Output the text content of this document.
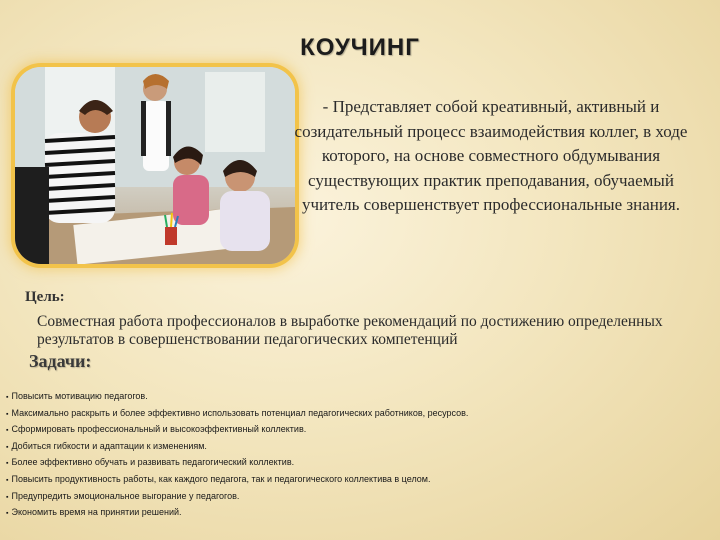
КОУЧИНГ
- Представляет собой креативный, активный и созидательный процесс взаимодействия коллег, в ходе которого, на основе совместного обдумывания существующих практик преподавания, обучаемый учитель совершенствует профессиональные знания.
Цель:
Совместная работа профессионалов в выработке рекомендаций по достижению определенных результатов в совершенствовании педагогических компетенций
Задачи:
▪ Повысить мотивацию педагогов.
▪ Максимально раскрыть и более эффективно использовать потенциал педагогических работников, ресурсов.
▪ Сформировать профессиональный и высокоэффективный коллектив.
▪ Добиться гибкости и адаптации к изменениям.
▪ Более эффективно обучать и развивать педагогический коллектив.
▪ Повысить продуктивность работы, как каждого педагога, так и педагогического коллектива в целом.
▪ Предупредить эмоциональное выгорание у педагогов.
▪ Экономить время на принятии решений.
